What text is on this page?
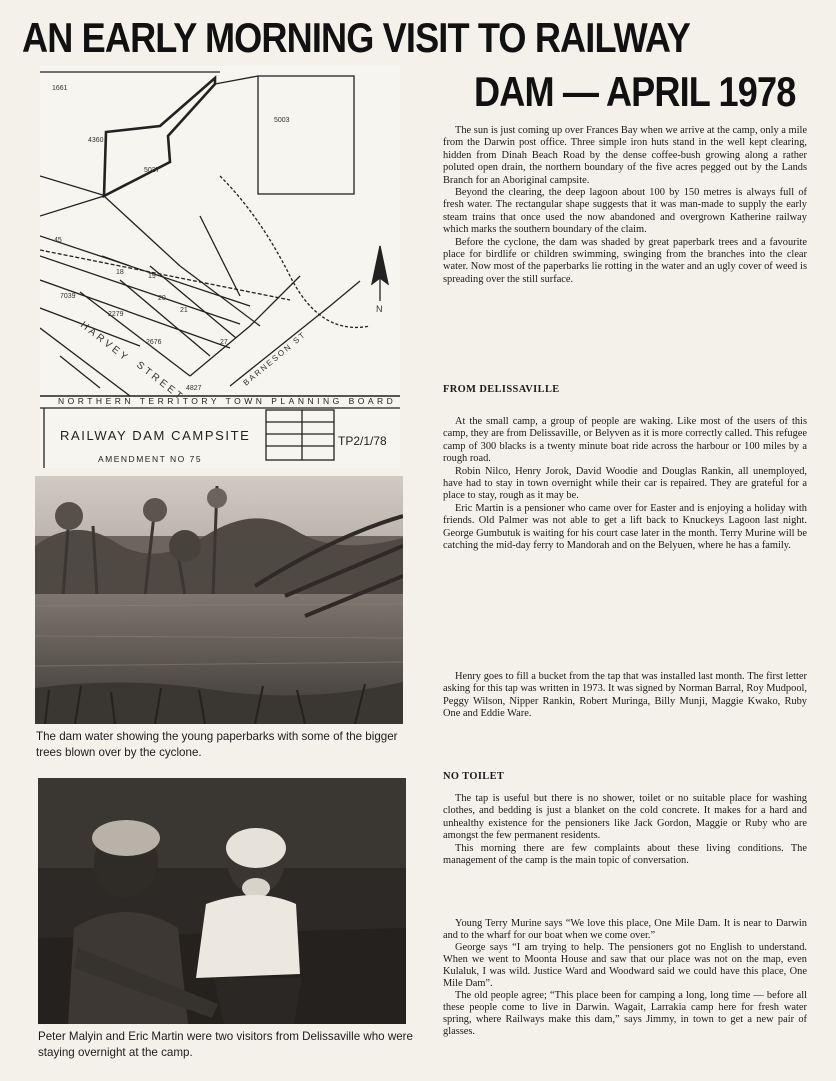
AN EARLY MORNING VISIT TO RAILWAY
DAM — APRIL 1978
1661
4360
5027
5003
45
18
19
20
21
2279
2676	27
4827
7039
N
HARVEY
STREET	BARNESON ST
NORTHERN TERRITORY TOWN PLANNING BOARD
RAILWAY DAM CAMPSITE
AMENDMENT NO 75
TP2/1/78

The dam water showing the young paperbarks with some of the bigger trees blown over by the cyclone.

Peter Malyin and Eric Martin were two visitors from Delissaville who were staying overnight at the camp.

The sun is just coming up over Frances Bay when we arrive at the camp, only a mile from the Darwin post office. Three simple iron huts stand in the well kept clearing, hidden from Dinah Beach Road by the dense coffee-bush growing along a rather poluted open drain, the northern boundary of the five acres pegged out by the Lands Branch for an Aboriginal campsite.

Beyond the clearing, the deep lagoon about 100 by 150 metres is always full of fresh water. The rectangular shape suggests that it was man-made to supply the early steam trains that once used the now abandoned and overgrown Katherine railway which marks the southern boundary of the claim.

Before the cyclone, the dam was shaded by great paperbark trees and a favourite place for birdlife or children swimming, swinging from the branches into the clear water. Now most of the paperbarks lie rotting in the water and an ugly cover of weed is spreading over the still surface.

FROM DELISSAVILLE

At the small camp, a group of people are waking. Like most of the users of this camp, they are from Delissaville, or Belyven as it is more correctly called. This refugee camp of 300 blacks is a twenty minute boat ride across the harbour or 100 miles by a rough road.

Robin Nilco, Henry Jorok, David Woodie and Douglas Rankin, all unemployed, have had to stay in town overnight while their car is repaired. They are grateful for a place to stay, rough as it may be.

Eric Martin is a pensioner who came over for Easter and is enjoying a holiday with friends. Old Palmer was not able to get a lift back to Knuckeys Lagoon last night. George Gumbutuk is waiting for his court case later in the month. Terry Murine will be catching the mid-day ferry to Mandorah and on the Belyuen, where he has a family.

Henry goes to fill a bucket from the tap that was installed last month. The first letter asking for this tap was written in 1973. It was signed by Norman Barral, Roy Mudpool, Peggy Wilson, Nipper Rankin, Robert Muringa, Billy Munji, Maggie Kwako, Ruby One and Eddie Ware.

NO TOILET

The tap is useful but there is no shower, toilet or no suitable place for washing clothes, and bedding is just a blanket on the cold concrete. It makes for a hard and unhealthy existence for the pensioners like Jack Gordon, Maggie or Ruby who are amongst the few permanent residents.

This morning there are few complaints about these living conditions. The management of the camp is the main topic of conversation.

Young Terry Murine says “We love this place, One Mile Dam. It is near to Darwin and to the wharf for our boat when we come over.”

George says “I am trying to help. The pensioners got no English to understand. When we went to Moonta House and saw that our place was not on the map, even Kulaluk, I was wild. Justice Ward and Woodward said we could have this place, One Mile Dam”.

The old people agree; “This place been for camping a long, long time — before all these people come to live in Darwin. Wagait, Larrakia camp here for fresh water spring, where Railways make this dam,” says Jimmy, in town to get a new pair of glasses.
